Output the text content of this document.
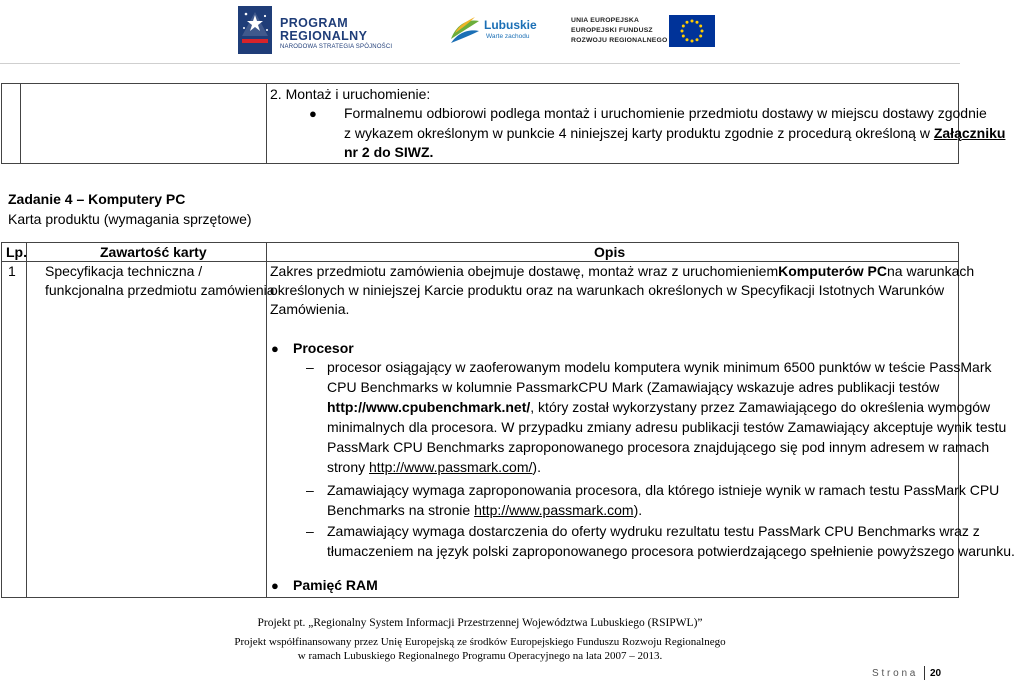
PROGRAM
REGIONALNY
NARODOWA STRATEGIA SPÓJNOŚCI
Lubuskie
Warte zachodu
UNIA EUROPEJSKA
EUROPEJSKI FUNDUSZ
ROZWOJU REGIONALNEGO
2. Montaż i uruchomienie:
● Formalnemu odbiorowi podlega montaż i uruchomienie przedmiotu dostawy w miejscu dostawy zgodnie
z wykazem określonym w punkcie 4 niniejszej karty produktu zgodnie z procedurą określoną w Załączniku
nr 2 do SIWZ.
Zadanie 4 – Komputery PC
Karta produktu (wymagania sprzętowe)
Lp.	Zawartość karty	Opis
1 Specyfikacja techniczna /
funkcjonalna przedmiotu zamówienia
Zakres przedmiotu zamówienia obejmuje dostawę, montaż wraz z uruchomieniem Komputerów PC na warunkach
określonych w niniejszej Karcie produktu oraz na warunkach określonych w Specyfikacji Istotnych Warunków
Zamówienia.
● Procesor
– procesor osiągający w zaoferowanym modelu komputera wynik minimum 6500 punktów w teście PassMark
CPU Benchmarks w kolumnie PassmarkCPU Mark (Zamawiający wskazuje adres publikacji testów
http://www.cpubenchmark.net/, który został wykorzystany przez Zamawiającego do określenia wymogów
minimalnych dla procesora. W przypadku zmiany adresu publikacji testów Zamawiający akceptuje wynik testu
PassMark CPU Benchmarks zaproponowanego procesora znajdującego się pod innym adresem w ramach
strony http://www.passmark.com/).
– Zamawiający wymaga zaproponowania procesora, dla którego istnieje wynik w ramach testu PassMark CPU
Benchmarks na stronie http://www.passmark.com).
– Zamawiający wymaga dostarczenia do oferty wydruku rezultatu testu PassMark CPU Benchmarks wraz z
tłumaczeniem na język polski zaproponowanego procesora potwierdzającego spełnienie powyższego warunku.
● Pamięć RAM
Projekt pt. „Regionalny System Informacji Przestrzennej Województwa Lubuskiego (RSIPWL)”
Projekt współfinansowany przez Unię Europejską ze środków Europejskiego Funduszu Rozwoju Regionalnego
w ramach Lubuskiego Regionalnego Programu Operacyjnego na lata 2007 – 2013.
S t r o n a 20
